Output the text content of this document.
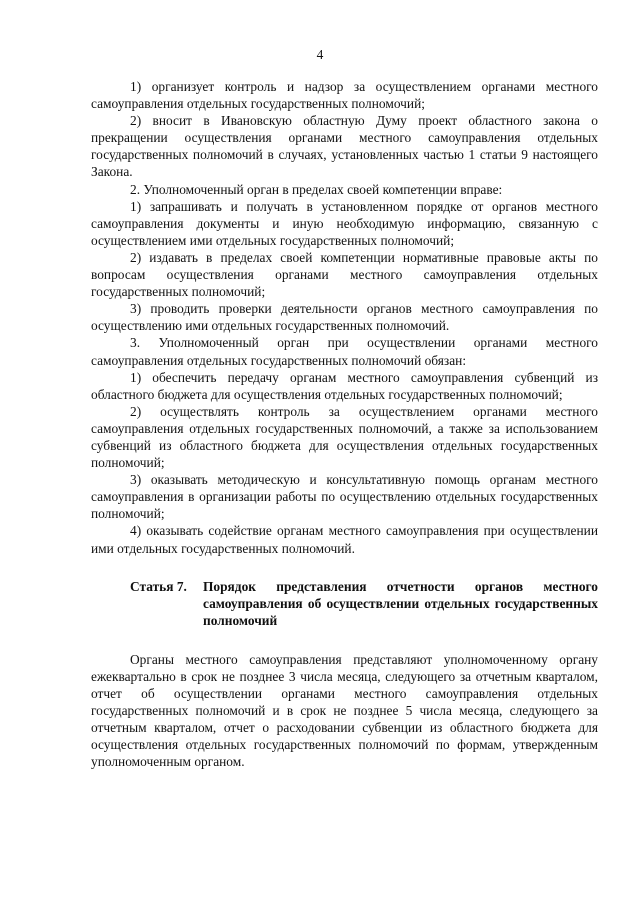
4

1) организует контроль и надзор за осуществлением органами местного самоуправления отдельных государственных полномочий;

2) вносит в Ивановскую областную Думу проект областного закона о прекращении осуществления органами местного самоуправления отдельных государственных полномочий в случаях, установленных частью 1 статьи 9 настоящего Закона.

2. Уполномоченный орган в пределах своей компетенции вправе:

1) запрашивать и получать в установленном порядке от органов местного самоуправления документы и иную необходимую информацию, связанную с осуществлением ими отдельных государственных полномочий;

2) издавать в пределах своей компетенции нормативные правовые акты по вопросам осуществления органами местного самоуправления отдельных государственных полномочий;

3) проводить проверки деятельности органов местного самоуправления по осуществлению ими отдельных государственных полномочий.

3. Уполномоченный орган при осуществлении органами местного самоуправления отдельных государственных полномочий обязан:

1) обеспечить передачу органам местного самоуправления субвенций из областного бюджета для осуществления отдельных государственных полномочий;

2) осуществлять контроль за осуществлением органами местного самоуправления отдельных государственных полномочий, а также за использованием субвенций из областного бюджета для осуществления отдельных государственных полномочий;

3) оказывать методическую и консультативную помощь органам местного самоуправления в организации работы по осуществлению отдельных государственных полномочий;

4) оказывать содействие органам местного самоуправления при осуществлении ими отдельных государственных полномочий.

Статья 7. Порядок представления отчетности органов местного самоуправления об осуществлении отдельных государственных полномочий

Органы местного самоуправления представляют уполномоченному органу ежеквартально в срок не позднее 3 числа месяца, следующего за отчетным кварталом, отчет об осуществлении органами местного самоуправления отдельных государственных полномочий и в срок не позднее 5 числа месяца, следующего за отчетным кварталом, отчет о расходовании субвенции из областного бюджета для осуществления отдельных государственных полномочий по формам, утвержденным уполномоченным органом.
